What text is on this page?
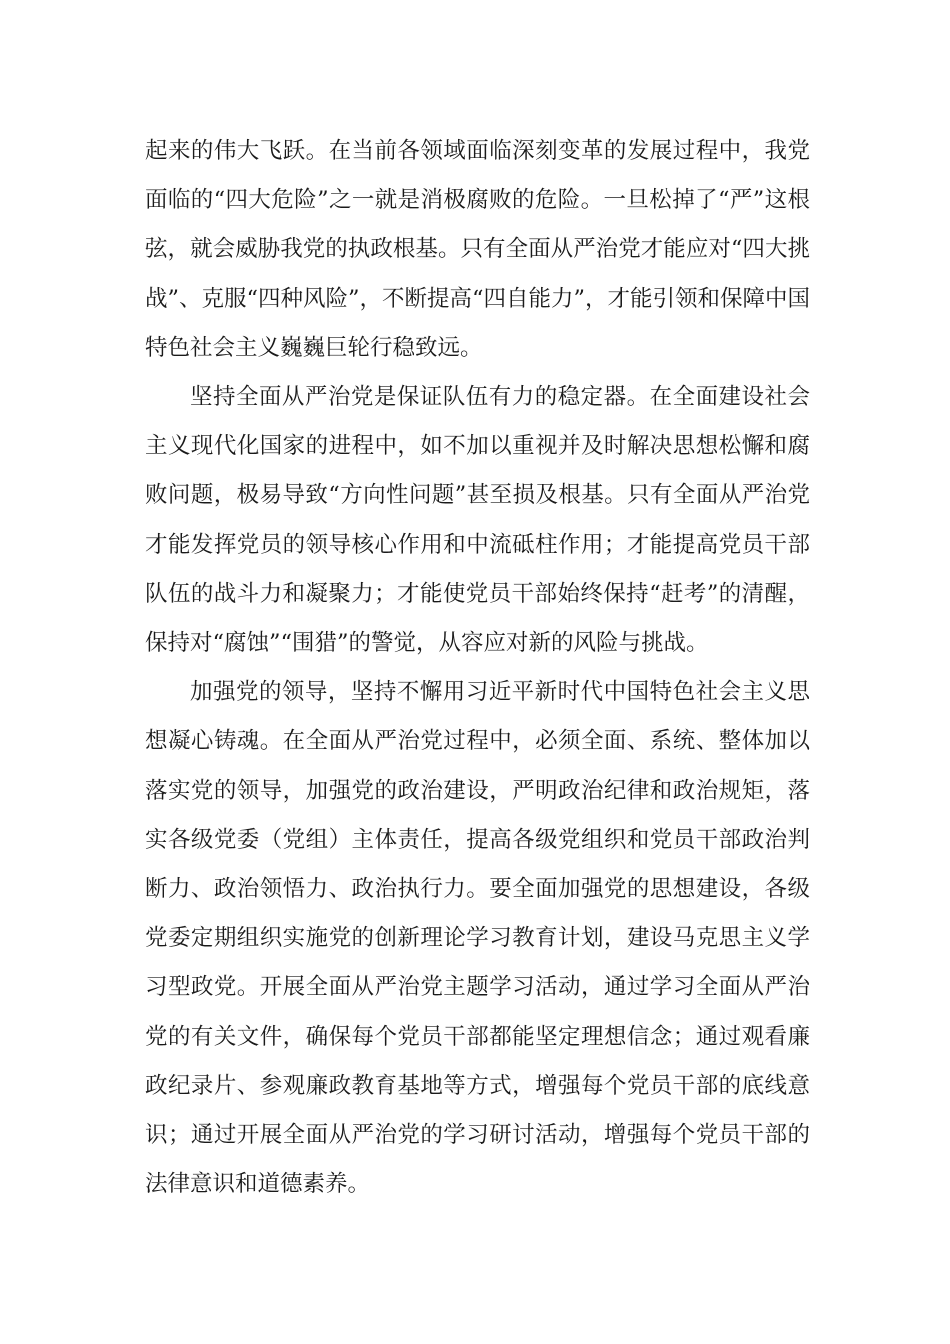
起来的伟大飞跃。在当前各领域面临深刻变革的发展过程中，我党面临的“四大危险”之一就是消极腐败的危险。一旦松掉了“严”这根弦，就会威胁我党的执政根基。只有全面从严治党才能应对“四大挑战”、克服“四种风险”，不断提高“四自能力”，才能引领和保障中国特色社会主义巍巍巨轮行稳致远。

坚持全面从严治党是保证队伍有力的稳定器。在全面建设社会主义现代化国家的进程中，如不加以重视并及时解决思想松懈和腐败问题，极易导致“方向性问题”甚至损及根基。只有全面从严治党才能发挥党员的领导核心作用和中流砥柱作用；才能提高党员干部队伍的战斗力和凝聚力；才能使党员干部始终保持“赶考”的清醒，保持对“腐蚀”“围猎”的警觉，从容应对新的风险与挑战。

加强党的领导，坚持不懈用习近平新时代中国特色社会主义思想凝心铸魂。在全面从严治党过程中，必须全面、系统、整体加以落实党的领导，加强党的政治建设，严明政治纪律和政治规矩，落实各级党委（党组）主体责任，提高各级党组织和党员干部政治判断力、政治领悟力、政治执行力。要全面加强党的思想建设，各级党委定期组织实施党的创新理论学习教育计划，建设马克思主义学习型政党。开展全面从严治党主题学习活动，通过学习全面从严治党的有关文件，确保每个党员干部都能坚定理想信念；通过观看廉政纪录片、参观廉政教育基地等方式，增强每个党员干部的底线意识；通过开展全面从严治党的学习研讨活动，增强每个党员干部的法律意识和道德素养。
